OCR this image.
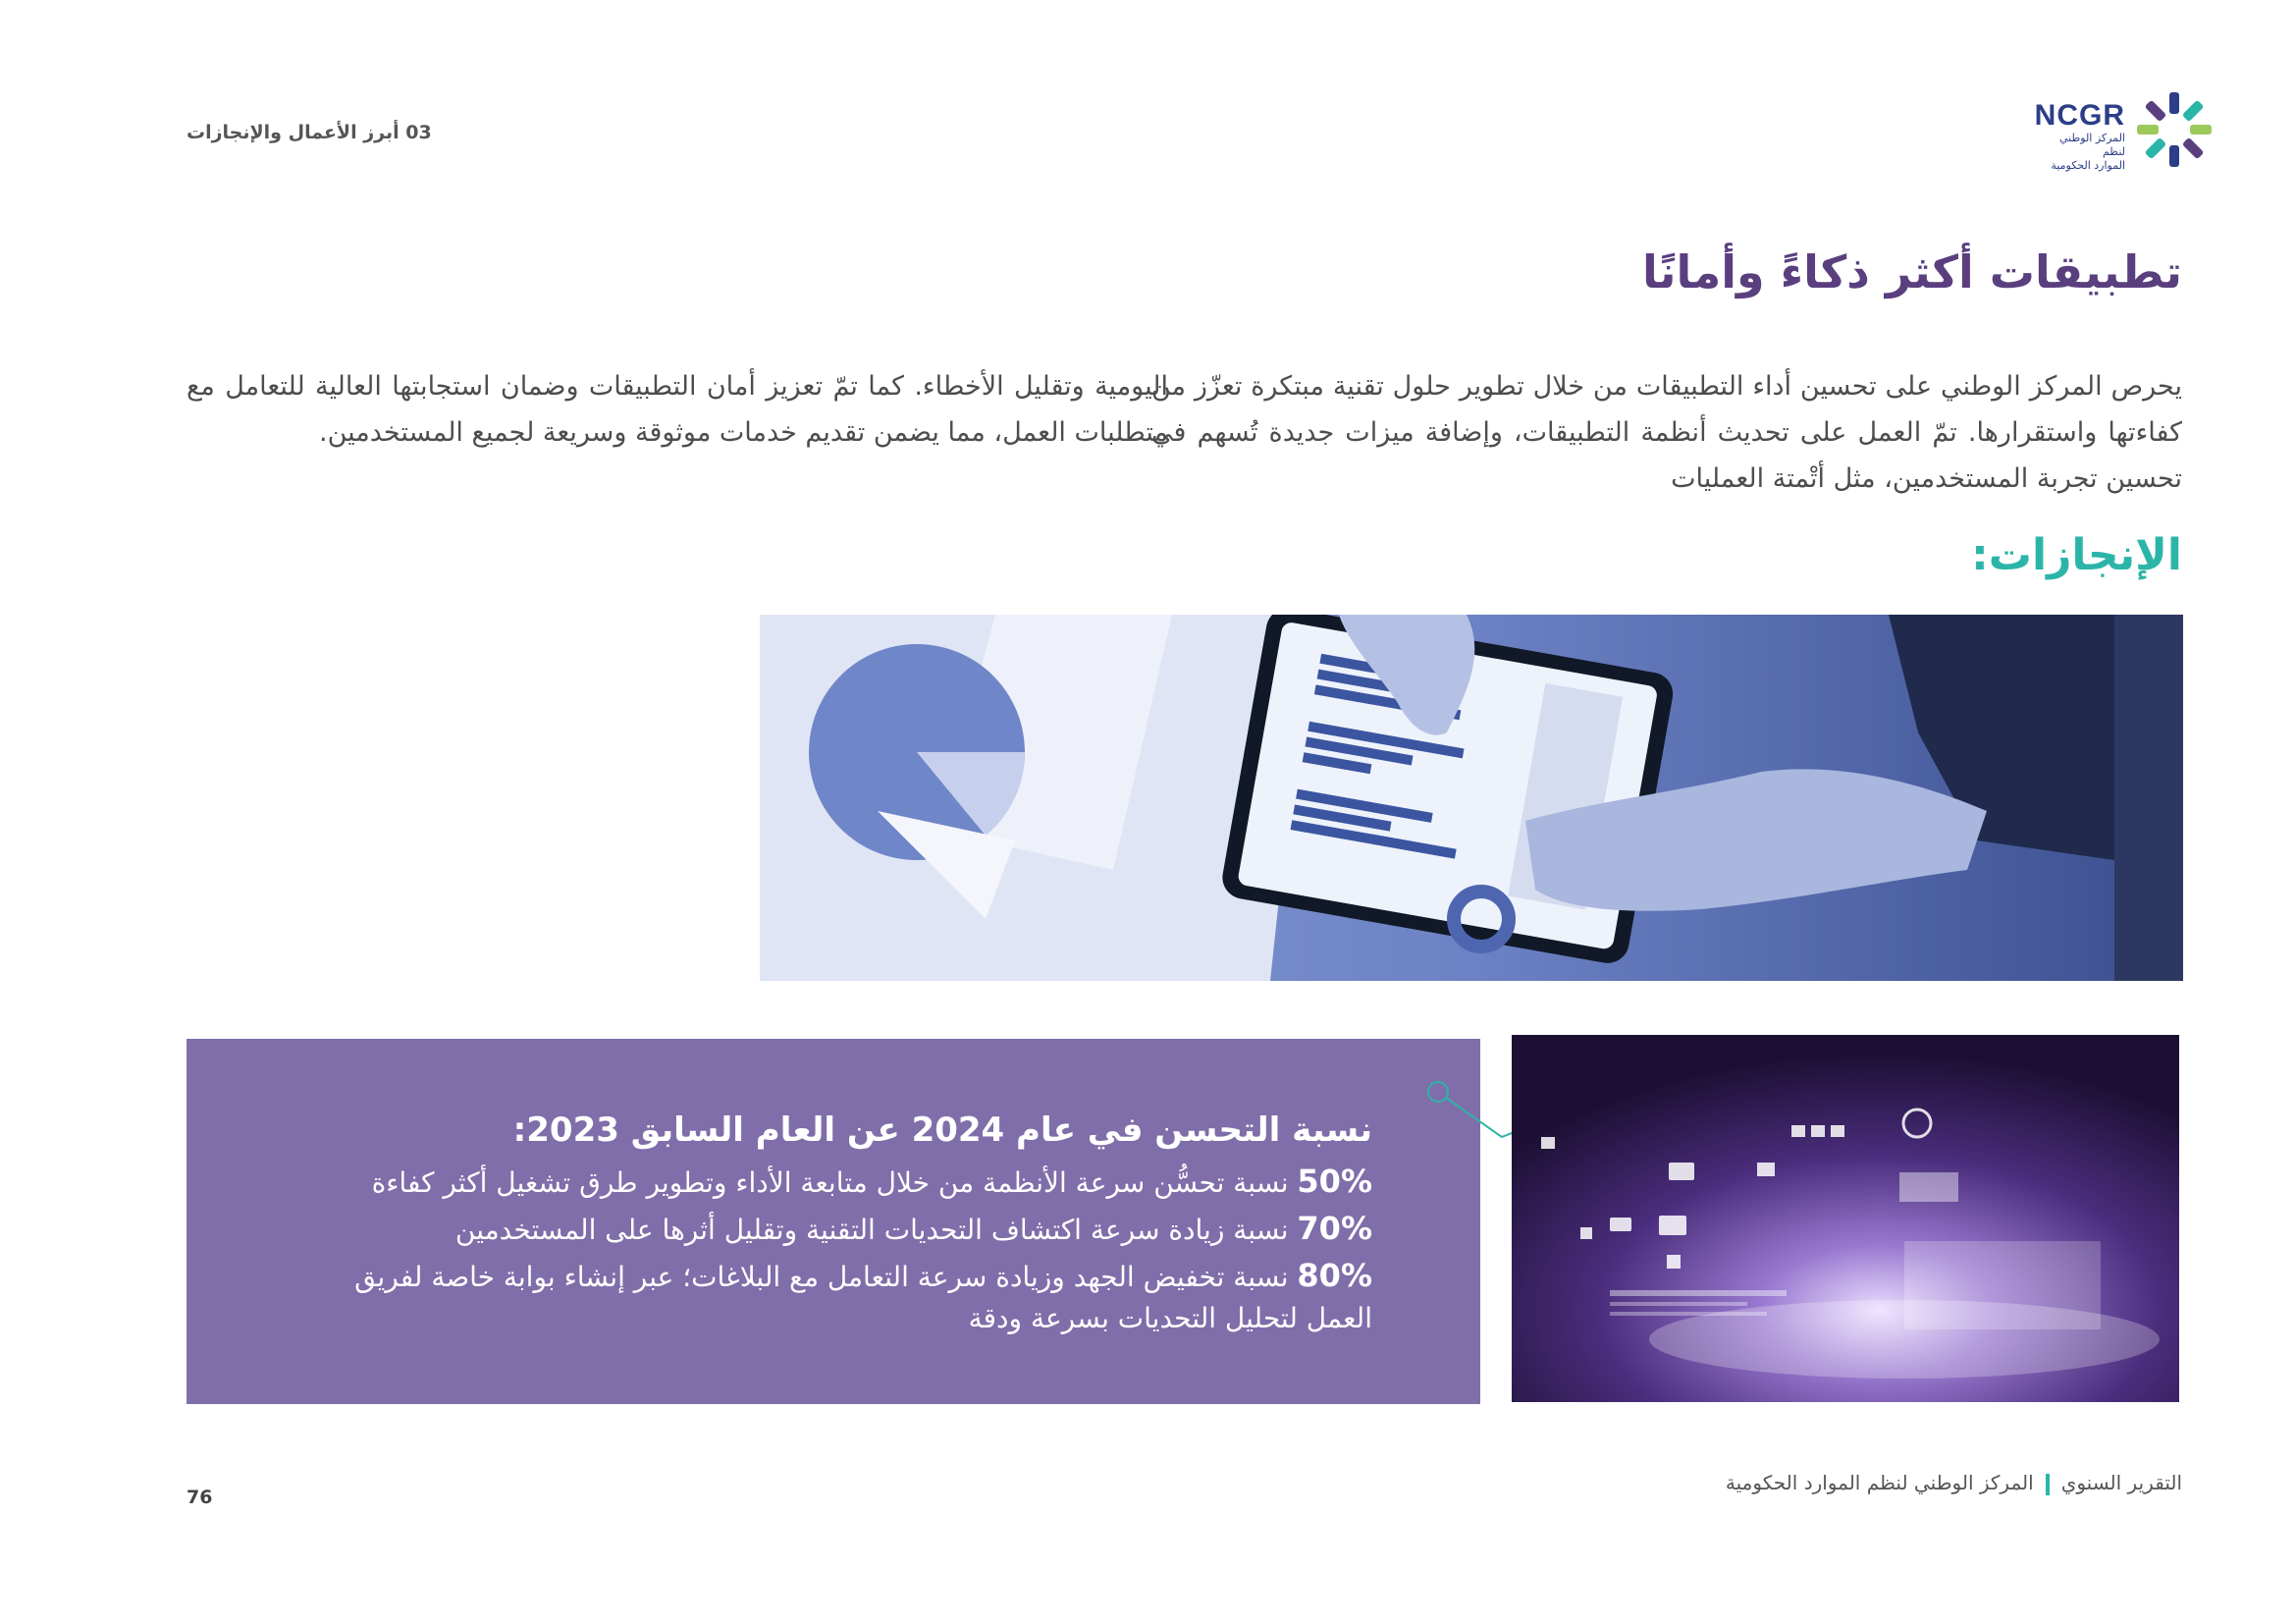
NCGR
المركز الوطني لنظم
الموارد الحكومية
03 أبرز الأعمال والإنجازات
تطبيقات أكثر ذكاءً وأمانًا

يحرص المركز الوطني على تحسين أداء التطبيقات من خلال تطوير حلول تقنية مبتكرة تعزّز من كفاءتها واستقرارها. تمّ العمل على تحديث أنظمة التطبيقات، وإضافة ميزات جديدة تُسهم في تحسين تجربة المستخدمين، مثل أتْمتة العمليات

اليومية وتقليل الأخطاء. كما تمّ تعزيز أمان التطبيقات وضمان استجابتها العالية للتعامل مع متطلبات العمل، مما يضمن تقديم خدمات موثوقة وسريعة لجميع المستخدمين.

الإنجازات:

نسبة التحسن في عام 2024 عن العام السابق 2023:

50% نسبة تحسُّن سرعة الأنظمة من خلال متابعة الأداء وتطوير طرق تشغيل أكثر كفاءة

70% نسبة زيادة سرعة اكتشاف التحديات التقنية وتقليل أثرها على المستخدمين

80% نسبة تخفيض الجهد وزيادة سرعة التعامل مع البلاغات؛ عبر إنشاء بوابة خاصة لفريق العمل لتحليل التحديات بسرعة ودقة

التقرير السنويالمركز الوطني لنظم الموارد الحكومية
76
